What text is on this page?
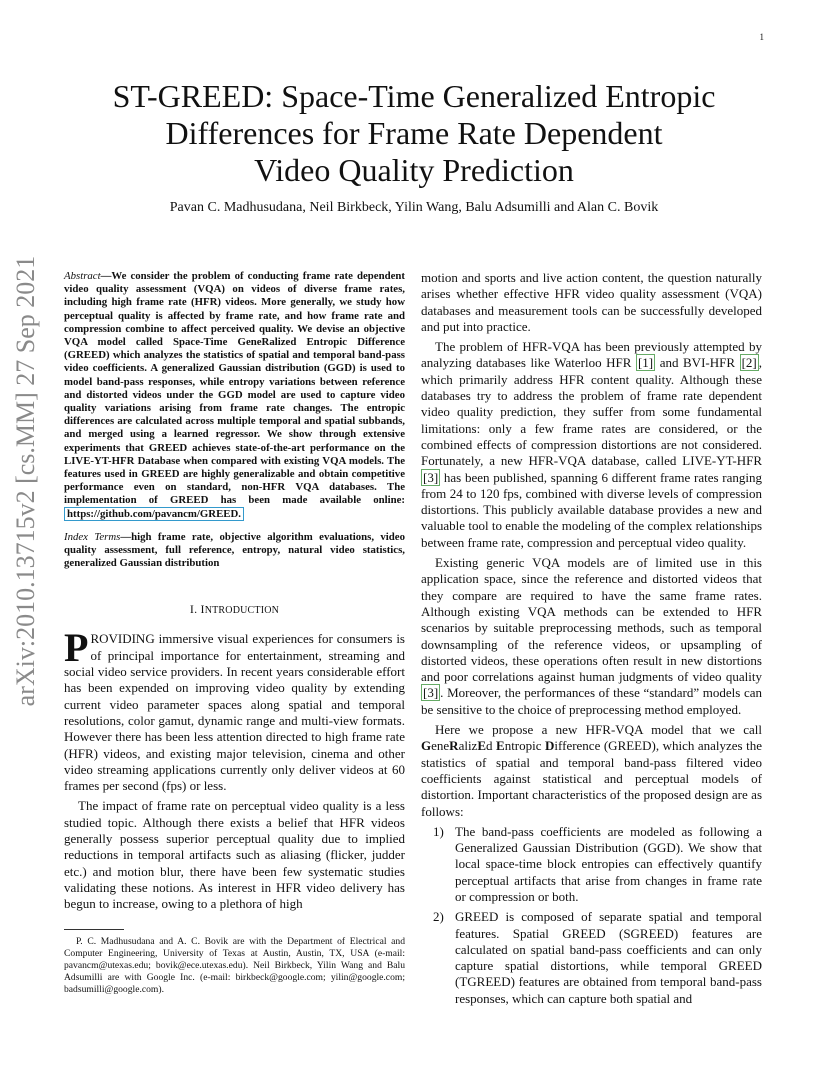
1
arXiv:2010.13715v2 [cs.MM] 27 Sep 2021
ST-GREED: Space-Time Generalized Entropic
Differences for Frame Rate Dependent
Video Quality Prediction
Pavan C. Madhusudana, Neil Birkbeck, Yilin Wang, Balu Adsumilli and Alan C. Bovik

Abstract—We consider the problem of conducting frame rate dependent video quality assessment (VQA) on videos of diverse frame rates, including high frame rate (HFR) videos. More generally, we study how perceptual quality is affected by frame rate, and how frame rate and compression combine to affect perceived quality. We devise an objective VQA model called Space-Time GeneRalized Entropic Difference (GREED) which analyzes the statistics of spatial and temporal band-pass video coefficients. A generalized Gaussian distribution (GGD) is used to model band-pass responses, while entropy variations between reference and distorted videos under the GGD model are used to capture video quality variations arising from frame rate changes. The entropic differences are calculated across multiple temporal and spatial subbands, and merged using a learned regressor. We show through extensive experiments that GREED achieves state-of-the-art performance on the LIVE-YT-HFR Database when compared with existing VQA models. The features used in GREED are highly generalizable and obtain competitive performance even on standard, non-HFR VQA databases. The implementation of GREED has been made available online: https://github.com/pavancm/GREED.

Index Terms—high frame rate, objective algorithm evaluations, video quality assessment, full reference, entropy, natural video statistics, generalized Gaussian distribution

I. INTRODUCTION

PROVIDING immersive visual experiences for consumers is of principal importance for entertainment, streaming and social video service providers. In recent years considerable effort has been expended on improving video quality by extending current video parameter spaces along spatial and temporal resolutions, color gamut, dynamic range and multi-view formats. However there has been less attention directed to high frame rate (HFR) videos, and existing major television, cinema and other video streaming applications currently only deliver videos at 60 frames per second (fps) or less.

The impact of frame rate on perceptual video quality is a less studied topic. Although there exists a belief that HFR videos generally possess superior perceptual quality due to implied reductions in temporal artifacts such as aliasing (flicker, judder etc.) and motion blur, there have been few systematic studies validating these notions. As interest in HFR video delivery has begun to increase, owing to a plethora of high

P. C. Madhusudana and A. C. Bovik are with the Department of Electrical and Computer Engineering, University of Texas at Austin, Austin, TX, USA (e-mail: pavancm@utexas.edu; bovik@ece.utexas.edu). Neil Birkbeck, Yilin Wang and Balu Adsumilli are with Google Inc. (e-mail: birkbeck@google.com; yilin@google.com; badsumilli@google.com).

motion and sports and live action content, the question naturally arises whether effective HFR video quality assessment (VQA) databases and measurement tools can be successfully developed and put into practice.

The problem of HFR-VQA has been previously attempted by analyzing databases like Waterloo HFR [1] and BVI-HFR [2] , which primarily address HFR content quality. Although these databases try to address the problem of frame rate dependent video quality prediction, they suffer from some fundamental limitations: only a few frame rates are considered, or the combined effects of compression distortions are not considered. Fortunately, a new HFR-VQA database, called LIVE-YT-HFR [3] has been published, spanning 6 different frame rates ranging from 24 to 120 fps, combined with diverse levels of compression distortions. This publicly available database provides a new and valuable tool to enable the modeling of the complex relationships between frame rate, compression and perceptual video quality.

Existing generic VQA models are of limited use in this application space, since the reference and distorted videos that they compare are required to have the same frame rates. Although existing VQA methods can be extended to HFR scenarios by suitable preprocessing methods, such as temporal downsampling of the reference videos, or upsampling of distorted videos, these operations often result in new distortions and poor correlations against human judgments of video quality [3] . Moreover, the performances of these “standard” models can be sensitive to the choice of preprocessing method employed.

Here we propose a new HFR-VQA model that we call GeneRalizEd Entropic Difference (GREED), which analyzes the statistics of spatial and temporal band-pass filtered video coefficients against statistical and perceptual models of distortion. Important characteristics of the proposed design are as follows:

1) The band-pass coefficients are modeled as following a Generalized Gaussian Distribution (GGD). We show that local space-time block entropies can effectively quantify perceptual artifacts that arise from changes in frame rate or compression or both.
2) GREED is composed of separate spatial and temporal features. Spatial GREED (SGREED) features are calculated on spatial band-pass coefficients and can only capture spatial distortions, while temporal GREED (TGREED) features are obtained from temporal band-pass responses, which can capture both spatial and
